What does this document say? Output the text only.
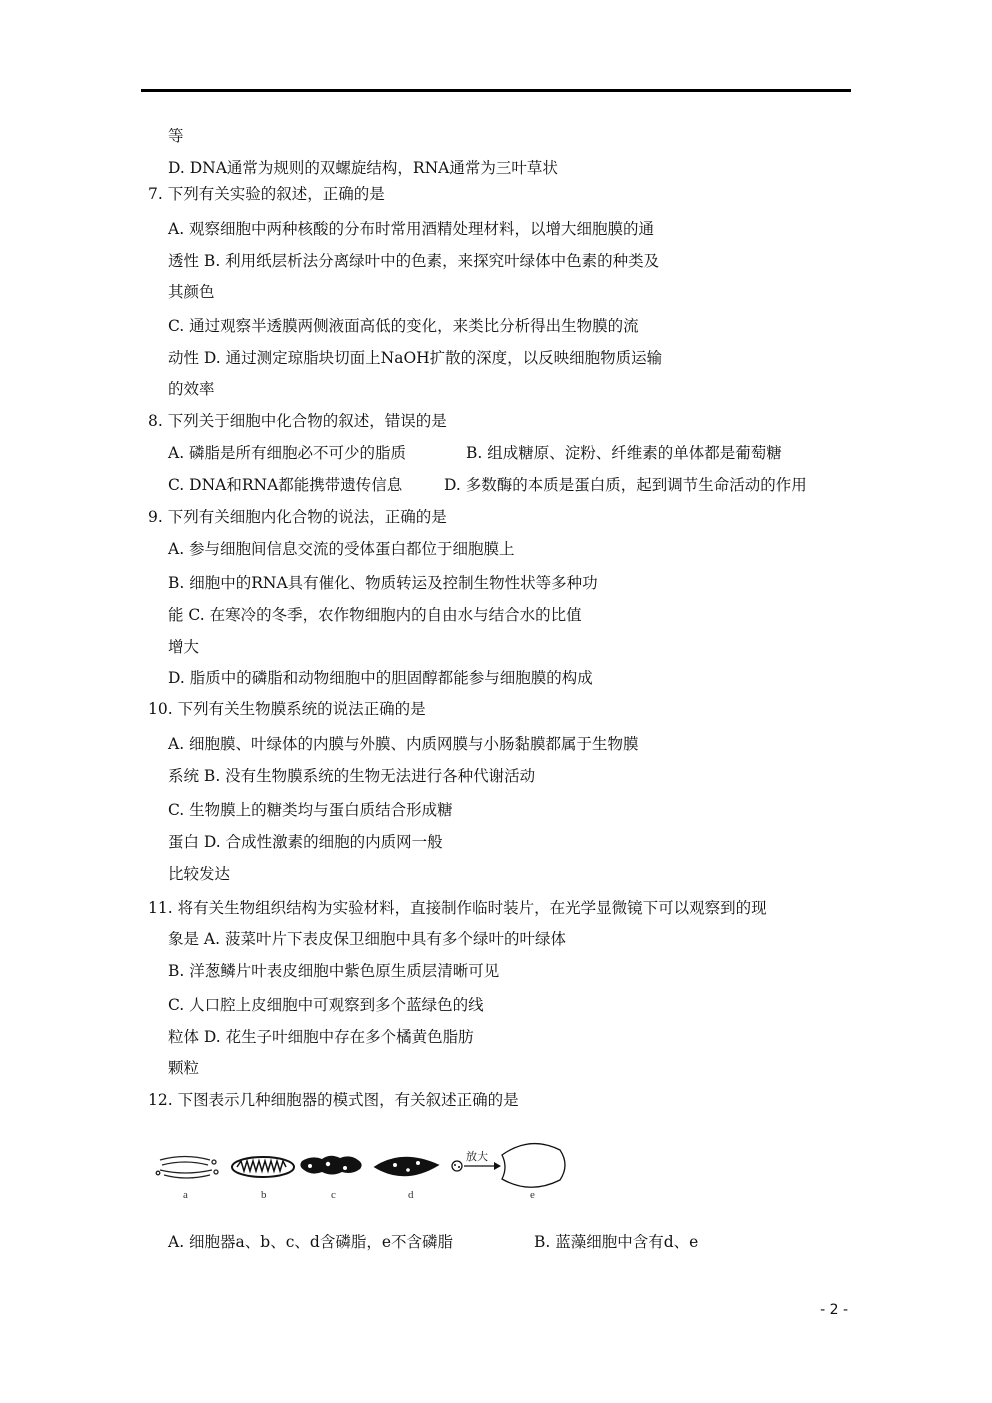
等
D. DNA通常为规则的双螺旋结构，RNA通常为三叶草状
7. 下列有关实验的叙述，正确的是
A. 观察细胞中两种核酸的分布时常用酒精处理材料，以增大细胞膜的通
透性 B. 利用纸层析法分离绿叶中的色素，来探究叶绿体中色素的种类及
其颜色
C. 通过观察半透膜两侧液面高低的变化，来类比分析得出生物膜的流
动性 D. 通过测定琼脂块切面上NaOH扩散的深度，以反映细胞物质运输
的效率
8. 下列关于细胞中化合物的叙述，错误的是
A. 磷脂是所有细胞必不可少的脂质	B. 组成糖原、淀粉、纤维素的单体都是葡萄糖
C. DNA和RNA都能携带遗传信息	D. 多数酶的本质是蛋白质，起到调节生命活动的作用
9. 下列有关细胞内化合物的说法，正确的是
A. 参与细胞间信息交流的受体蛋白都位于细胞膜上
B. 细胞中的RNA具有催化、物质转运及控制生物性状等多种功
能 C. 在寒冷的冬季，农作物细胞内的自由水与结合水的比值
增大
D. 脂质中的磷脂和动物细胞中的胆固醇都能参与细胞膜的构成
10. 下列有关生物膜系统的说法正确的是
A. 细胞膜、叶绿体的内膜与外膜、内质网膜与小肠黏膜都属于生物膜
系统 B. 没有生物膜系统的生物无法进行各种代谢活动
C. 生物膜上的糖类均与蛋白质结合形成糖
蛋白 D. 合成性激素的细胞的内质网一般
比较发达
11. 将有关生物组织结构为实验材料，直接制作临时装片，在光学显微镜下可以观察到的现
象是 A. 菠菜叶片下表皮保卫细胞中具有多个绿叶的叶绿体
B. 洋葱鳞片叶表皮细胞中紫色原生质层清晰可见
C. 人口腔上皮细胞中可观察到多个蓝绿色的线
粒体 D. 花生子叶细胞中存在多个橘黄色脂肪
颗粒
12. 下图表示几种细胞器的模式图，有关叙述正确的是
放大
a	b	c	d	e
A. 细胞器a、b、c、d含磷脂，e不含磷脂	B. 蓝藻细胞中含有d、e
- 2 -
